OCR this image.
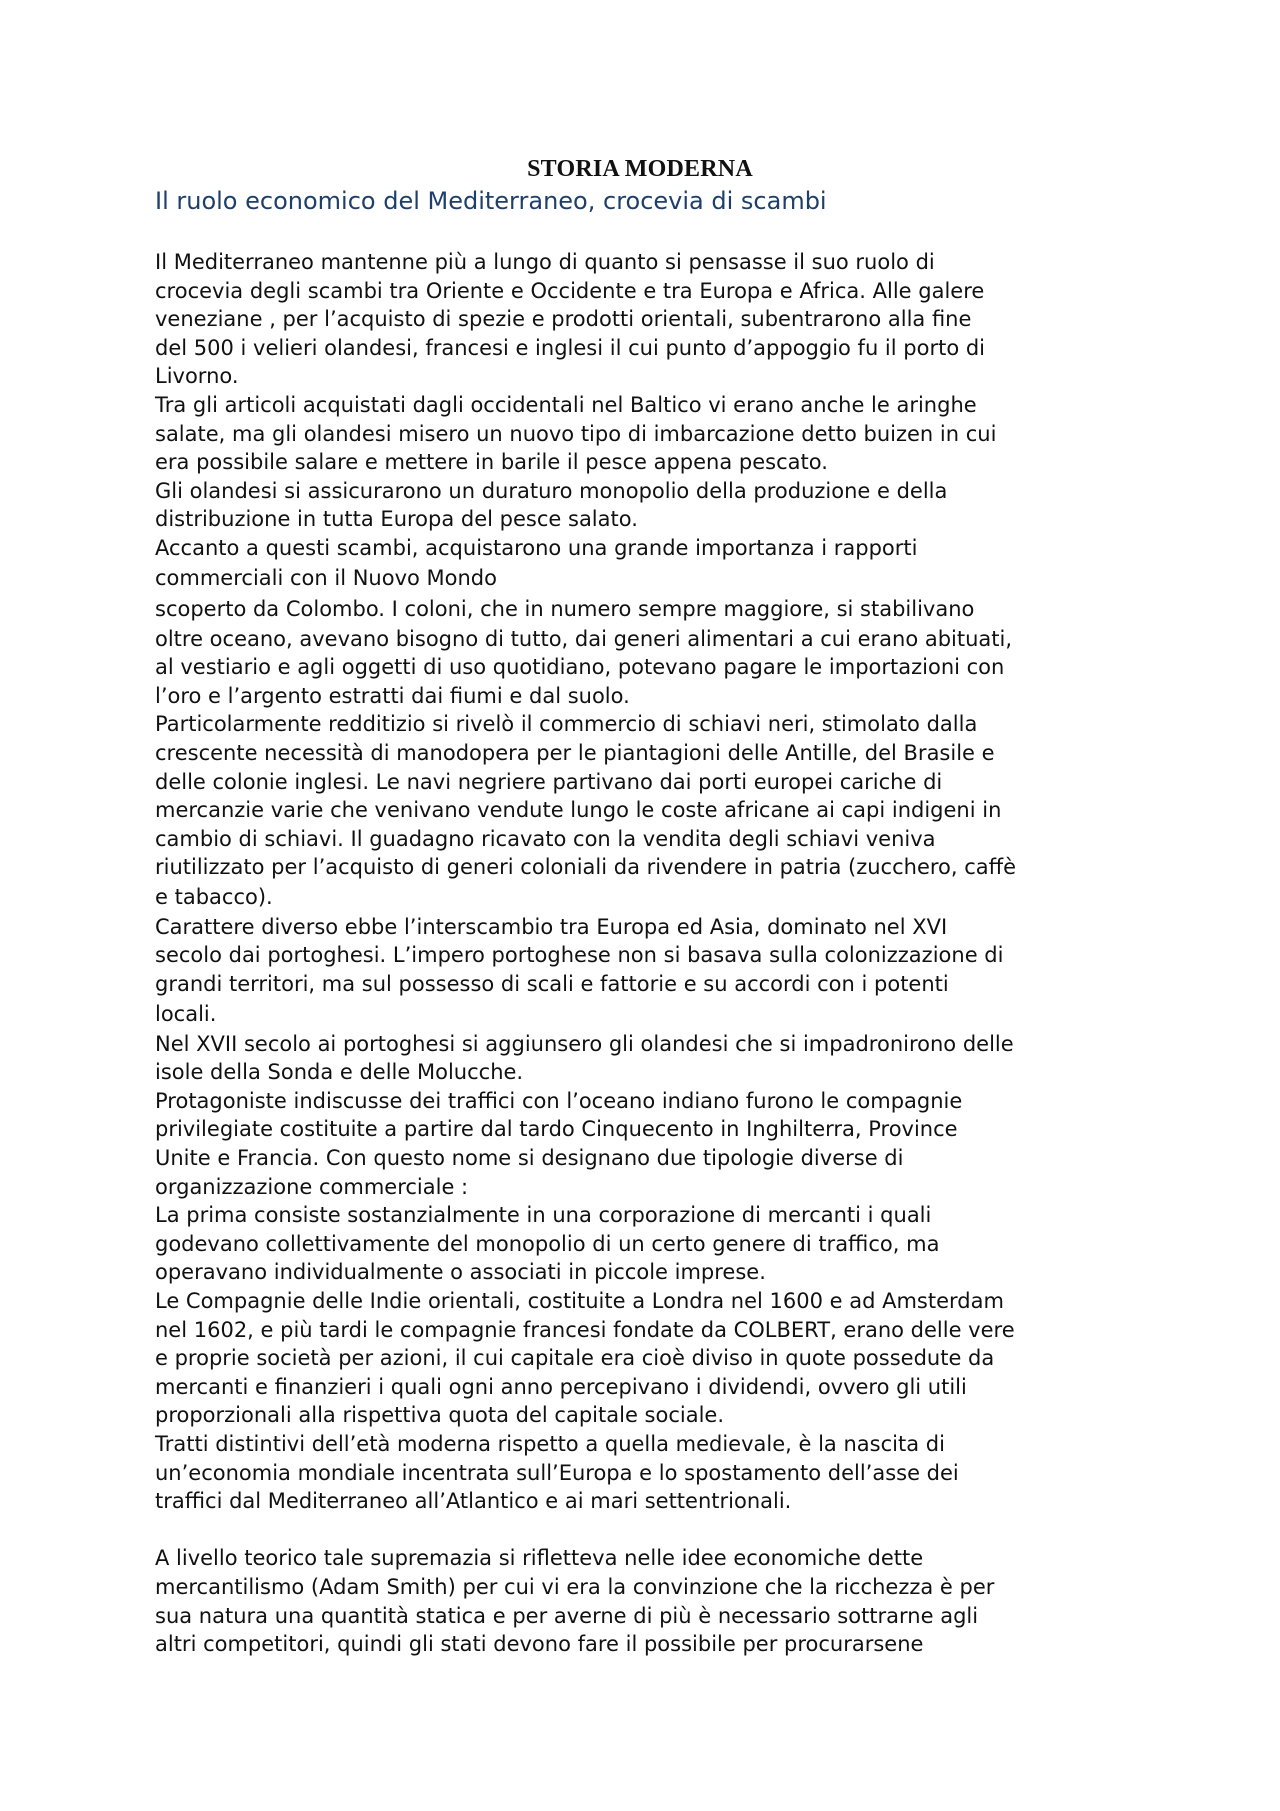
STORIA MODERNA
Il ruolo economico del Mediterraneo, crocevia di scambi

Il Mediterraneo mantenne più a lungo di quanto si pensasse il suo ruolo di
crocevia degli scambi tra Oriente e Occidente e tra Europa e Africa. Alle galere
veneziane , per l’acquisto di spezie e prodotti orientali, subentrarono alla fine
del 500 i velieri olandesi, francesi e inglesi il cui punto d’appoggio fu il porto di
Livorno.

Tra gli articoli acquistati dagli occidentali nel Baltico vi erano anche le aringhe
salate, ma gli olandesi misero un nuovo tipo di imbarcazione detto buizen in cui
era possibile salare e mettere in barile il pesce appena pescato.

Gli olandesi si assicurarono un duraturo monopolio della produzione e della
distribuzione in tutta Europa del pesce salato.

Accanto a questi scambi, acquistarono una grande importanza i rapporti
commerciali con il Nuovo Mondo

scoperto da Colombo. I coloni, che in numero sempre maggiore, si stabilivano
oltre oceano, avevano bisogno di tutto, dai generi alimentari a cui erano abituati,
al vestiario e agli oggetti di uso quotidiano, potevano pagare le importazioni con
l’oro e l’argento estratti dai fiumi e dal suolo.

Particolarmente redditizio si rivelò il commercio di schiavi neri, stimolato dalla
crescente necessità di manodopera per le piantagioni delle Antille, del Brasile e
delle colonie inglesi. Le navi negriere partivano dai porti europei cariche di
mercanzie varie che venivano vendute lungo le coste africane ai capi indigeni in
cambio di schiavi. Il guadagno ricavato con la vendita degli schiavi veniva
riutilizzato per l’acquisto di generi coloniali da rivendere in patria (zucchero, caffè
e tabacco).

Carattere diverso ebbe l’interscambio tra Europa ed Asia, dominato nel XVI
secolo dai portoghesi. L’impero portoghese non si basava sulla colonizzazione di
grandi territori, ma sul possesso di scali e fattorie e su accordi con i potenti
locali.

Nel XVII secolo ai portoghesi si aggiunsero gli olandesi che si impadronirono delle
isole della Sonda e delle Molucche.

Protagoniste indiscusse dei traffici con l’oceano indiano furono le compagnie
privilegiate costituite a partire dal tardo Cinquecento in Inghilterra, Province
Unite e Francia. Con questo nome si designano due tipologie diverse di
organizzazione commerciale :

La prima consiste sostanzialmente in una corporazione di mercanti i quali
godevano collettivamente del monopolio di un certo genere di traffico, ma
operavano individualmente o associati in piccole imprese.

Le Compagnie delle Indie orientali, costituite a Londra nel 1600 e ad Amsterdam
nel 1602, e più tardi le compagnie francesi fondate da COLBERT, erano delle vere
e proprie società per azioni, il cui capitale era cioè diviso in quote possedute da
mercanti e finanzieri i quali ogni anno percepivano i dividendi, ovvero gli utili
proporzionali alla rispettiva quota del capitale sociale.

Tratti distintivi dell’età moderna rispetto a quella medievale, è la nascita di
un’economia mondiale incentrata sull’Europa e lo spostamento dell’asse dei
traffici dal Mediterraneo all’Atlantico e ai mari settentrionali.

A livello teorico tale supremazia si rifletteva nelle idee economiche dette
mercantilismo (Adam Smith) per cui vi era la convinzione che la ricchezza è per
sua natura una quantità statica e per averne di più è necessario sottrarne agli
altri competitori, quindi gli stati devono fare il possibile per procurarsene
